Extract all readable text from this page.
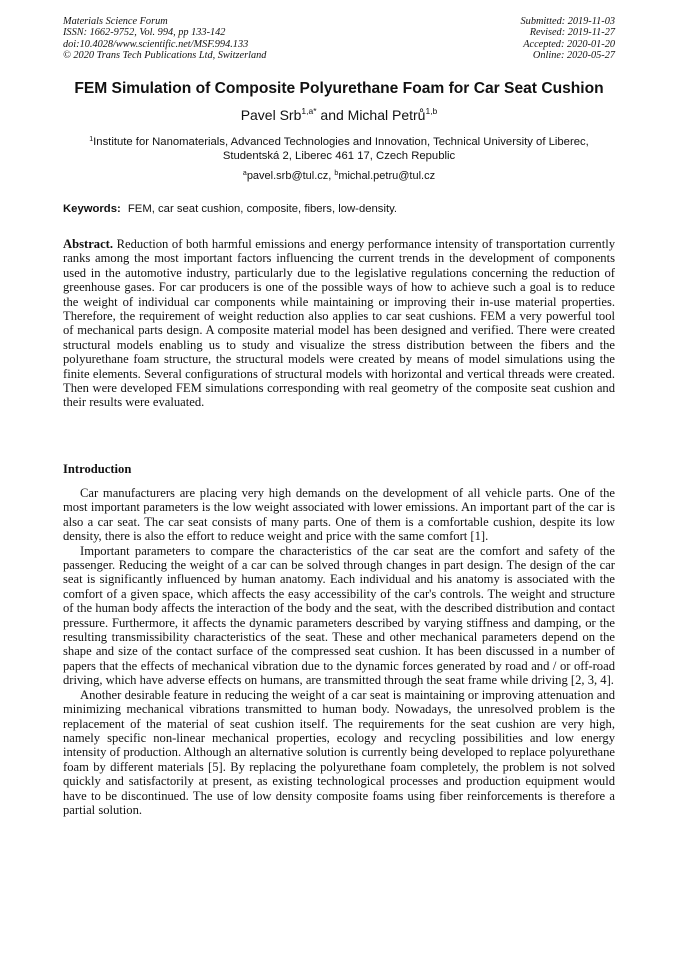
Materials Science Forum
ISSN: 1662-9752, Vol. 994, pp 133-142
doi:10.4028/www.scientific.net/MSF.994.133
© 2020 Trans Tech Publications Ltd, Switzerland
Submitted: 2019-11-03
Revised: 2019-11-27
Accepted: 2020-01-20
Online: 2020-05-27
FEM Simulation of Composite Polyurethane Foam for Car Seat Cushion
Pavel Srb$^{1,a*}$ and Michal Petrů$^{1,b}$
$^1$Institute for Nanomaterials, Advanced Technologies and Innovation, Technical University of Liberec, Studentská 2, Liberec 461 17, Czech Republic
$^a$pavel.srb@tul.cz, $^b$michal.petru@tul.cz
Keywords: FEM, car seat cushion, composite, fibers, low-density.
Abstract. Reduction of both harmful emissions and energy performance intensity of transportation currently ranks among the most important factors influencing the current trends in the development of components used in the automotive industry, particularly due to the legislative regulations concerning the reduction of greenhouse gases. For car producers is one of the possible ways of how to achieve such a goal is to reduce the weight of individual car components while maintaining or improving their in-use material properties. Therefore, the requirement of weight reduction also applies to car seat cushions. FEM a very powerful tool of mechanical parts design. A composite material model has been designed and verified. There were created structural models enabling us to study and visualize the stress distribution between the fibers and the polyurethane foam structure, the structural models were created by means of model simulations using the finite elements. Several configurations of structural models with horizontal and vertical threads were created. Then were developed FEM simulations corresponding with real geometry of the composite seat cushion and their results were evaluated.
Introduction

Car manufacturers are placing very high demands on the development of all vehicle parts. One of the most important parameters is the low weight associated with lower emissions. An important part of the car is also a car seat. The car seat consists of many parts. One of them is a comfortable cushion, despite its low density, there is also the effort to reduce weight and price with the same comfort [1].

Important parameters to compare the characteristics of the car seat are the comfort and safety of the passenger. Reducing the weight of a car can be solved through changes in part design. The design of the car seat is significantly influenced by human anatomy. Each individual and his anatomy is associated with the comfort of a given space, which affects the easy accessibility of the car's controls. The weight and structure of the human body affects the interaction of the body and the seat, with the described distribution and contact pressure. Furthermore, it affects the dynamic parameters described by varying stiffness and damping, or the resulting transmissibility characteristics of the seat. These and other mechanical parameters depend on the shape and size of the contact surface of the compressed seat cushion. It has been discussed in a number of papers that the effects of mechanical vibration due to the dynamic forces generated by road and / or off-road driving, which have adverse effects on humans, are transmitted through the seat frame while driving [2, 3, 4].

Another desirable feature in reducing the weight of a car seat is maintaining or improving attenuation and minimizing mechanical vibrations transmitted to human body. Nowadays, the unresolved problem is the replacement of the material of seat cushion itself. The requirements for the seat cushion are very high, namely specific non-linear mechanical properties, ecology and recycling possibilities and low energy intensity of production. Although an alternative solution is currently being developed to replace polyurethane foam by different materials [5]. By replacing the polyurethane foam completely, the problem is not solved quickly and satisfactorily at present, as existing technological processes and production equipment would have to be discontinued. The use of low density composite foams using fiber reinforcements is therefore a partial solution.
